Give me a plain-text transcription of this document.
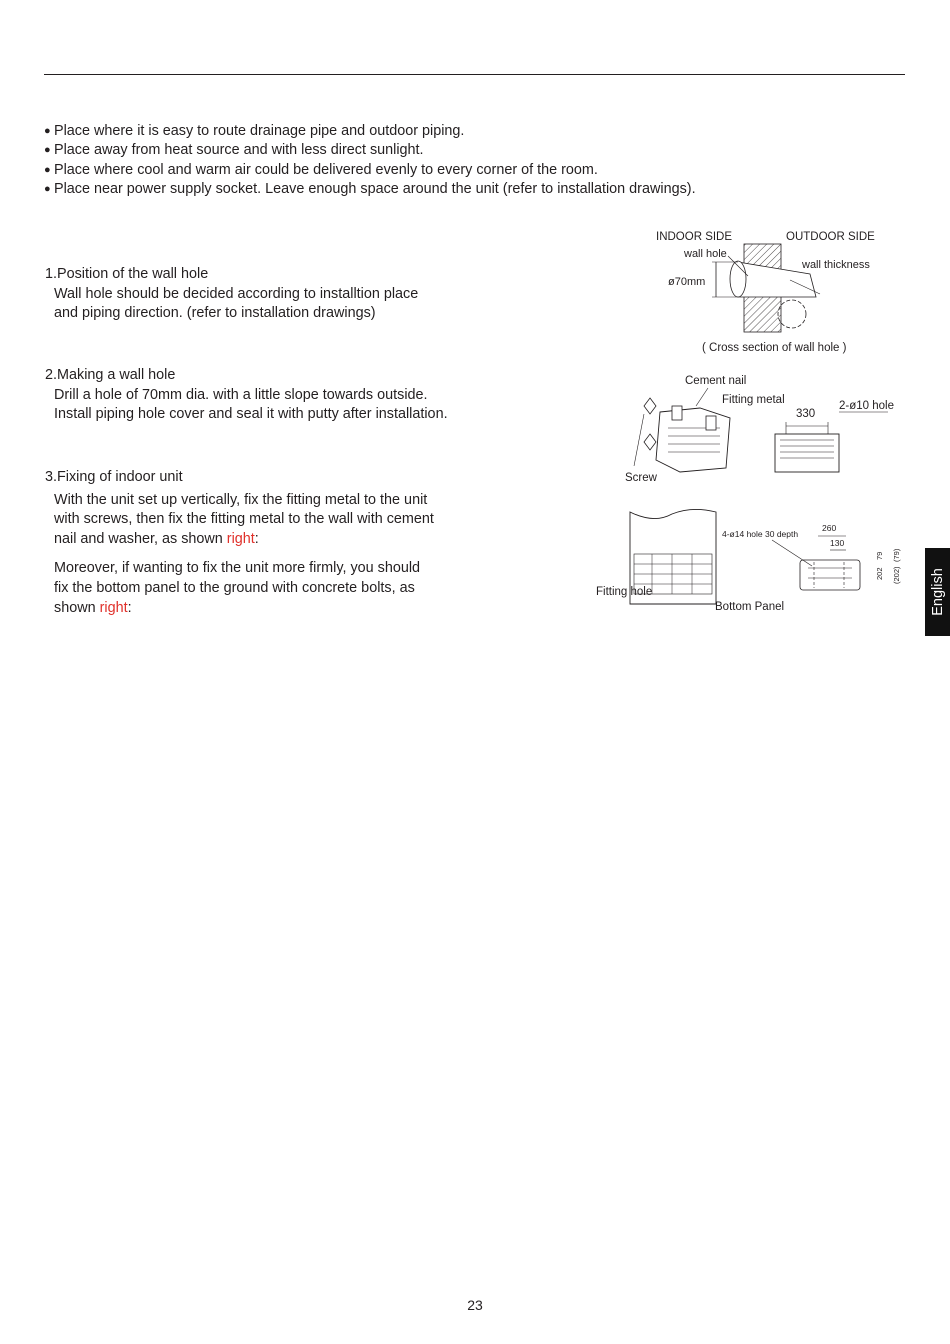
● Place where it is easy to route drainage pipe and outdoor piping.
● Place away from heat source and with less direct sunlight.
● Place where cool and warm air could be delivered evenly to every corner of the room.
● Place near power supply socket. Leave enough space around the unit (refer to installation drawings).
1.Position of the wall hole
Wall hole should be decided according to installtion place
and piping direction. (refer to installation drawings)
2.Making a wall hole
Drill a hole of 70mm dia. with a little slope towards outside.
Install piping hole cover and seal it with putty after installation.
3.Fixing of indoor unit
With the unit set up vertically, fix the fitting metal to the unit
with screws, then fix the fitting metal to the wall with cement
nail and washer, as shown right:
Moreover, if wanting to fix the unit more firmly, you should
fix the bottom panel to the ground with concrete bolts, as
shown right:
INDOOR SIDE	OUTDOOR SIDE
wall hole
wall thickness
ø70mm
( Cross section of wall hole )
Cement nail
Fitting metal
330
2-ø10 hole
Screw
Fitting hole
Bottom Panel
4-ø14 hole 30 depth
260
130
79 (79)
202 (202) English
23
